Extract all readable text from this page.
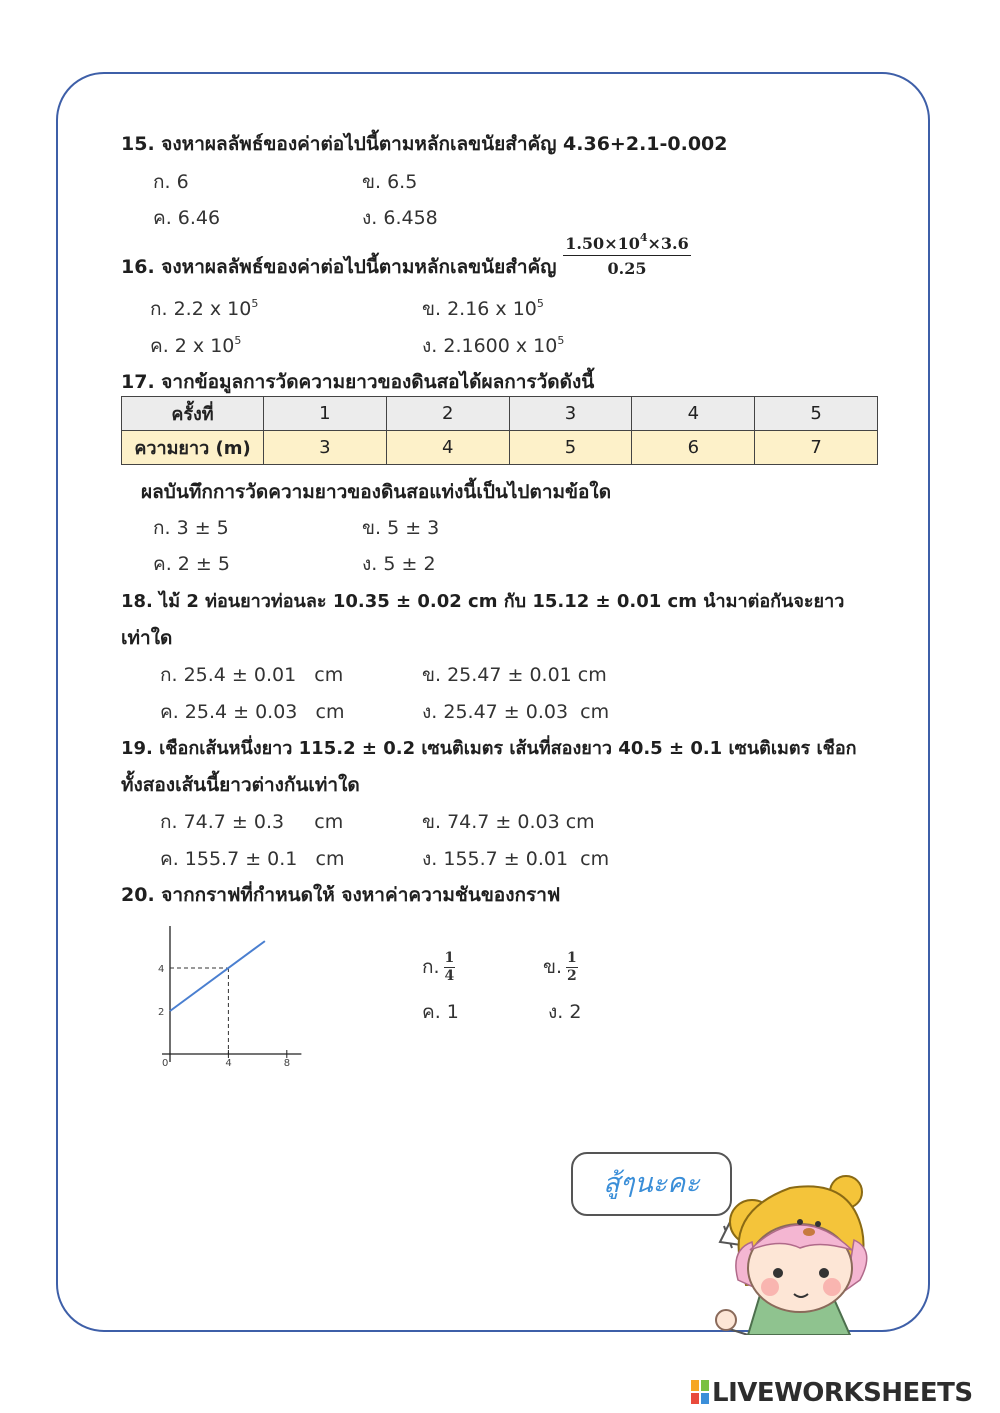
15. จงหาผลลัพธ์ของค่าต่อไปนี้ตามหลักเลขนัยสำคัญ 4.36+2.1-0.002
ก. 6	ข. 6.5
ค. 6.46	ง. 6.458
16. จงหาผลลัพธ์ของค่าต่อไปนี้ตามหลักเลขนัยสำคัญ $\frac{1.50\times 10^4\times 3.6}{0.25}$
ก. 2.2 x $10^5$	ข. 2.16 x $10^5$
ค. 2 x $10^5$	ง. 2.1600 x $10^5$
17. จากข้อมูลการวัดความยาวของดินสอได้ผลการวัดดังนี้
ครั้งที่	1	2	3	4	5
ความยาว (m)	3	4	5	6	7
ผลบันทึกการวัดความยาวของดินสอแท่งนี้เป็นไปตามข้อใด
ก. 3 ± 5	ข. 5 ± 3
ค. 2 ± 5	ง. 5 ± 2
18. ไม้ 2 ท่อนยาวท่อนละ 10.35 ± 0.02 cm กับ 15.12 ± 0.01 cm นำมาต่อกันจะยาว
เท่าใด
ก. 25.4 ± 0.01   cm	ข. 25.47 ± 0.01 cm
ค. 25.4 ± 0.03   cm	ง. 25.47 ± 0.03  cm
19. เชือกเส้นหนึ่งยาว 115.2 ± 0.2 เซนติเมตร เส้นที่สองยาว 40.5 ± 0.1 เซนติเมตร เชือก
ทั้งสองเส้นนี้ยาวต่างกันเท่าใด
ก. 74.7 ± 0.3     cm	ข. 74.7 ± 0.03 cm
ค. 155.7 ± 0.1   cm	ง. 155.7 ± 0.01  cm
20. จากกราฟที่กำหนดให้ จงหาค่าความชันของกราฟ
0	4	8
2
4	ก. $\frac{1}{4}$	ข. $\frac{1}{2}$
ค. 1	ง. 2
สู้ๆนะคะ
LIVEWORKSHEETS
